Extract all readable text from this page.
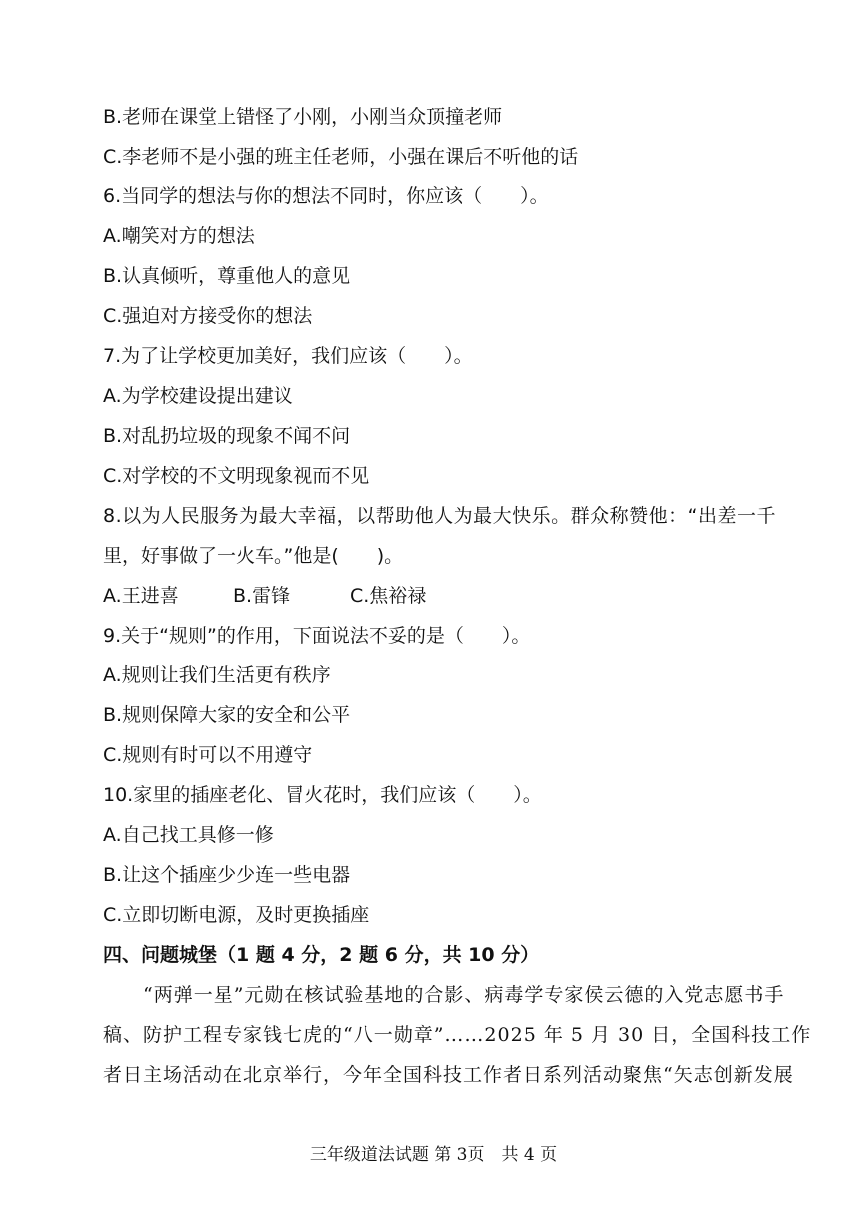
B.老师在课堂上错怪了小刚，小刚当众顶撞老师
C.李老师不是小强的班主任老师，小强在课后不听他的话
6.当同学的想法与你的想法不同时，你应该（　　）。
A.嘲笑对方的想法
B.认真倾听，尊重他人的意见
C.强迫对方接受你的想法
7.为了让学校更加美好，我们应该（　　）。
A.为学校建设提出建议
B.对乱扔垃圾的现象不闻不问
C.对学校的不文明现象视而不见
8.以为人民服务为最大幸福，以帮助他人为最大快乐。群众称赞他：“出差一千
里，好事做了一火车。”他是(　　)。
A.王进喜	B.雷锋	C.焦裕禄
9.关于“规则”的作用，下面说法不妥的是（　　）。
A.规则让我们生活更有秩序
B.规则保障大家的安全和公平
C.规则有时可以不用遵守
10.家里的插座老化、冒火花时，我们应该（　　）。
A.自己找工具修一修
B.让这个插座少少连一些电器
C.立即切断电源，及时更换插座
四、问题城堡（1 题 4 分，2 题 6 分，共 10 分）
“两弹一星”元勋在核试验基地的合影、病毒学专家侯云德的入党志愿书手
稿、防护工程专家钱七虎的“八一勋章”……2025 年 5 月 30 日，全国科技工作
者日主场活动在北京举行，今年全国科技工作者日系列活动聚焦“矢志创新发展
三年级道法试题 第 3页　共 4 页
